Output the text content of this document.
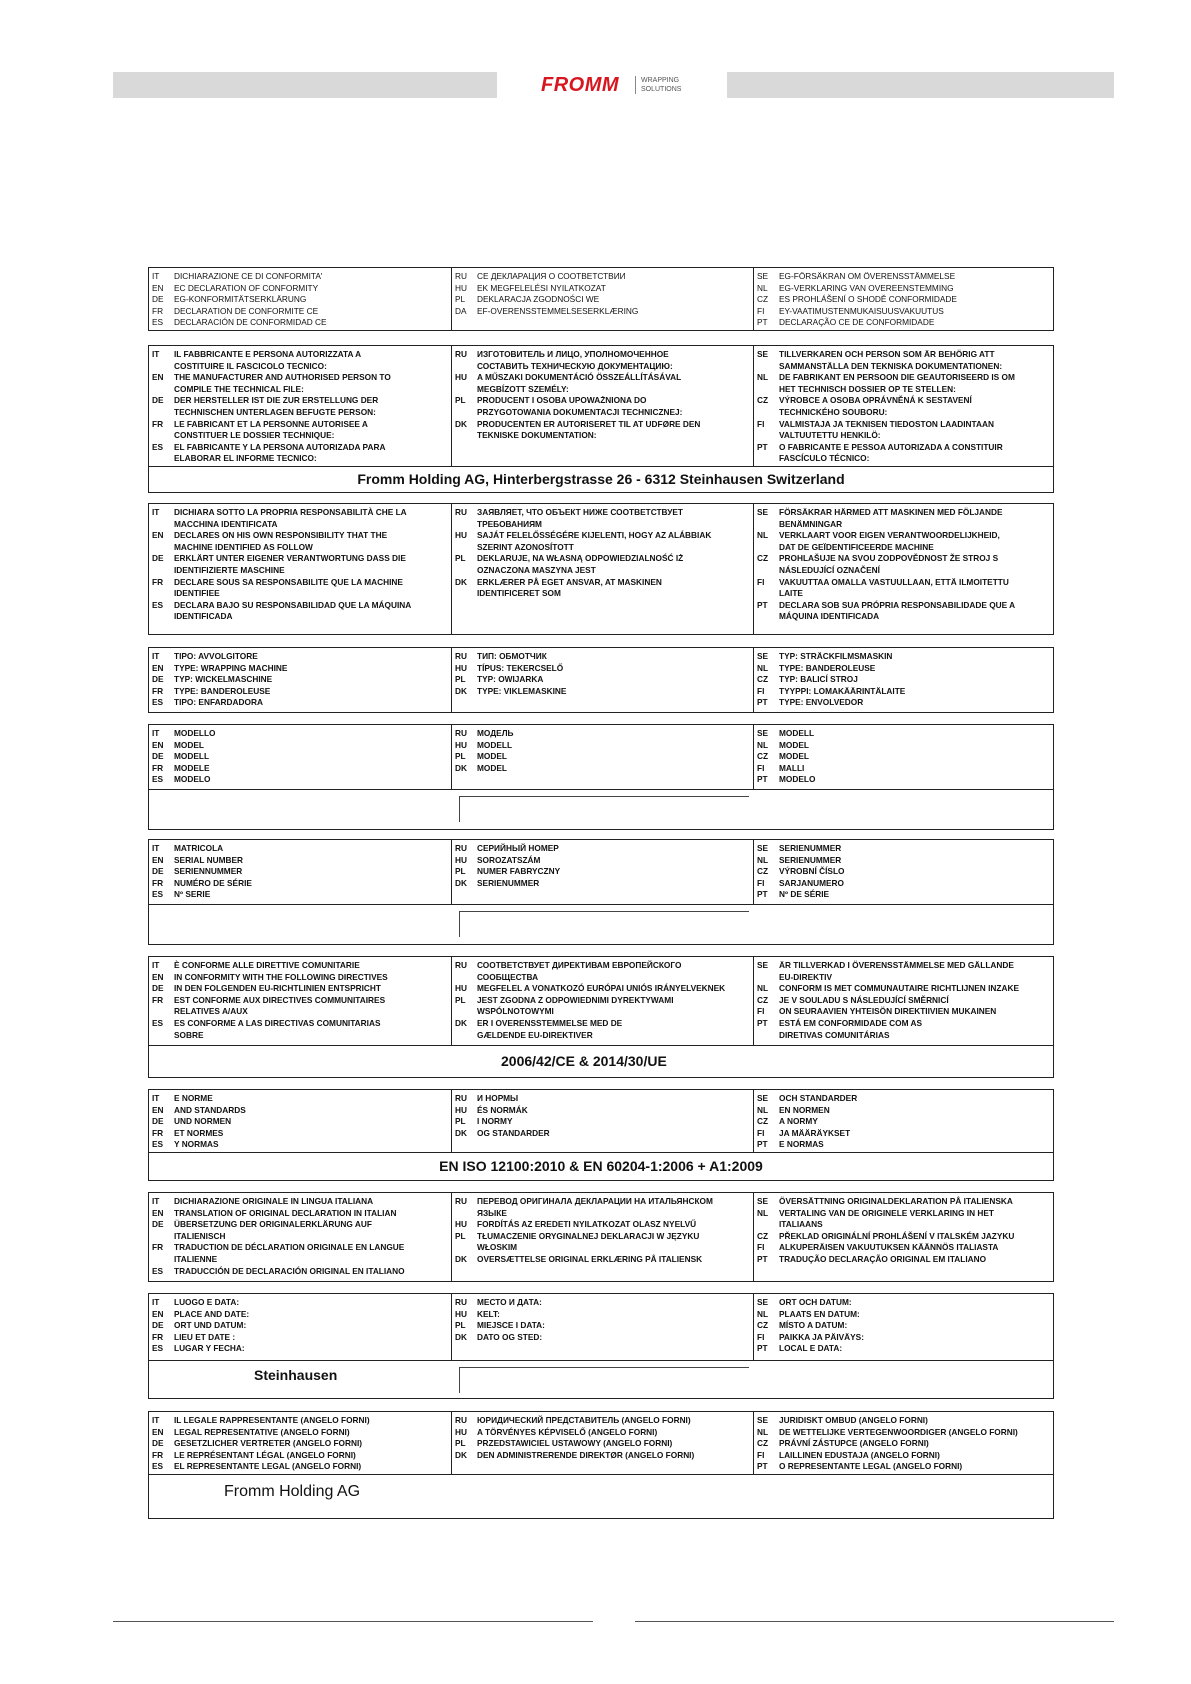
FROMM	WRAPPING
SOLUTIONS
IT	DICHIARAZIONE CE DI CONFORMITA'
EN	EC DECLARATION OF CONFORMITY
DE	EG-KONFORMITÄTSERKLÄRUNG
FR	DECLARATION DE CONFORMITE CE
ES	DECLARACIÓN DE CONFORMIDAD CE
RU	СЕ ДЕКЛАРАЦИЯ О СООТВЕТСТВИИ
HU	EK MEGFELELÉSI NYILATKOZAT
PL	DEKLARACJA ZGODNOŚCI WE
DA	EF-OVERENSSTEMMELSESERKLÆRING
SE	EG-FÖRSÄKRAN OM ÖVERENSSTÄMMELSE
NL	EG-VERKLARING VAN OVEREENSTEMMING
CZ	ES PROHLÁŠENÍ O SHODĚ CONFORMIDADE
FI	EY-VAATIMUSTENMUKAISUUSVAKUUTUS
PT	DECLARAÇÃO CE DE CONFORMIDADE
IT	IL FABBRICANTE E PERSONA AUTORIZZATA A
COSTITUIRE IL FASCICOLO TECNICO:
EN	THE MANUFACTURER AND AUTHORISED PERSON TO
COMPILE THE TECHNICAL FILE:
DE	DER HERSTELLER IST DIE ZUR ERSTELLUNG DER
TECHNISCHEN UNTERLAGEN BEFUGTE PERSON:
FR	LE FABRICANT ET LA PERSONNE AUTORISEE A
CONSTITUER LE DOSSIER TECHNIQUE:
ES	EL FABRICANTE Y LA PERSONA AUTORIZADA PARA
ELABORAR EL INFORME TECNICO:
RU	ИЗГОТОВИТЕЛЬ И ЛИЦО, УПОЛНОМОЧЕННОЕ
СОСТАВИТЬ ТЕХНИЧЕСКУЮ ДОКУМЕНТАЦИЮ:
HU	A MŰSZAKI DOKUMENTÁCIÓ ÖSSZEÁLLÍTÁSÁVAL
MEGBÍZOTT SZEMÉLY:
PL	PRODUCENT I OSOBA UPOWAŻNIONA DO
PRZYGOTOWANIA DOKUMENTACJI TECHNICZNEJ:
DK	PRODUCENTEN ER AUTORISERET TIL AT UDFØRE DEN
TEKNISKE DOKUMENTATION:
SE	TILLVERKAREN OCH PERSON SOM ÄR BEHÖRIG ATT
SAMMANSTÄLLA DEN TEKNISKA DOKUMENTATIONEN:
NL	DE FABRIKANT EN PERSOON DIE GEAUTORISEERD IS OM
HET TECHNISCH DOSSIER OP TE STELLEN:
CZ	VÝROBCE A OSOBA OPRÁVNĚNÁ K SESTAVENÍ
TECHNICKÉHO SOUBORU:
FI	VALMISTAJA JA TEKNISEN TIEDOSTON LAADINTAAN
VALTUUTETTU HENKILÖ:
PT	O FABRICANTE E PESSOA AUTORIZADA A CONSTITUIR
FASCÍCULO TÉCNICO:
Fromm Holding AG, Hinterbergstrasse 26 - 6312 Steinhausen Switzerland
IT	DICHIARA SOTTO LA PROPRIA RESPONSABILITÀ CHE LA
MACCHINA IDENTIFICATA
EN	DECLARES ON HIS OWN RESPONSIBILITY THAT THE
MACHINE IDENTIFIED AS FOLLOW
DE	ERKLÄRT UNTER EIGENER VERANTWORTUNG DASS DIE
IDENTIFIZIERTE MASCHINE
FR	DECLARE SOUS SA RESPONSABILITE QUE LA MACHINE
IDENTIFIEE
ES	DECLARA BAJO SU RESPONSABILIDAD QUE LA MÁQUINA
IDENTIFICADA
RU	ЗАЯВЛЯЕТ, ЧТО ОБЪЕКТ НИЖЕ СООТВЕТСТВУЕТ
ТРЕБОВАНИЯМ
HU	SAJÁT FELELŐSSÉGÉRE KIJELENTI, HOGY AZ ALÁBBIAK
SZERINT AZONOSÍTOTT
PL	DEKLARUJE, NA WŁASNĄ ODPOWIEDZIALNOŚĆ IŻ
OZNACZONA MASZYNA JEST
DK	ERKLÆRER PÅ EGET ANSVAR, AT MASKINEN
IDENTIFICERET SOM
SE	FÖRSÄKRAR HÄRMED ATT MASKINEN MED FÖLJANDE
BENÄMNINGAR
NL	VERKLAART VOOR EIGEN VERANTWOORDELIJKHEID,
DAT DE GEÏDENTIFICEERDE MACHINE
CZ	PROHLAŠUJE NA SVOU ZODPOVĚDNOST ŽE STROJ S
NÁSLEDUJÍCÍ OZNAČENÍ
FI	VAKUUTTAA OMALLA VASTUULLAAN, ETTÄ ILMOITETTU
LAITE
PT	DECLARA SOB SUA PRÓPRIA RESPONSABILIDADE QUE A
MÁQUINA IDENTIFICADA
IT	TIPO: AVVOLGITORE
EN	TYPE: WRAPPING MACHINE
DE	TYP: WICKELMASCHINE
FR	TYPE: BANDEROLEUSE
ES	TIPO: ENFARDADORA
RU	ТИП: ОБМОТЧИК
HU	TÍPUS: TEKERCSELŐ
PL	TYP: OWIJARKA
DK	TYPE: VIKLEMASKINE
SE	TYP: STRÄCKFILMSMASKIN
NL	TYPE: BANDEROLEUSE
CZ	TYP: BALICÍ STROJ
FI	TYYPPI: LOMAKÄÄRINTÄLAITE
PT	TYPE: ENVOLVEDOR
IT	MODELLO
EN	MODEL
DE	MODELL
FR	MODELE
ES	MODELO
RU	МОДЕЛЬ
HU	MODELL
PL	MODEL
DK	MODEL
SE	MODELL
NL	MODEL
CZ	MODEL
FI	MALLI
PT	MODELO
IT	MATRICOLA
EN	SERIAL NUMBER
DE	SERIENNUMMER
FR	NUMÉRO DE SÉRIE
ES	Nº SERIE
RU	СЕРИЙНЫЙ НОМЕР
HU	SOROZATSZÁM
PL	NUMER FABRYCZNY
DK	SERIENUMMER
SE	SERIENUMMER
NL	SERIENUMMER
CZ	VÝROBNÍ ČÍSLO
FI	SARJANUMERO
PT	Nº DE SÉRIE
IT	È CONFORME ALLE DIRETTIVE COMUNITARIE
EN	IN CONFORMITY WITH THE FOLLOWING DIRECTIVES
DE	IN DEN FOLGENDEN EU-RICHTLINIEN ENTSPRICHT
FR	EST CONFORME AUX DIRECTIVES COMMUNITAIRES
RELATIVES A/AUX
ES	ES CONFORME A LAS DIRECTIVAS COMUNITARIAS
SOBRE
RU	СООТВЕТСТВУЕТ ДИРЕКТИВАМ ЕВРОПЕЙСКОГО
СООБЩЕСТВА
HU	MEGFELEL A VONATKOZÓ EURÓPAI UNIÓS IRÁNYELVEKNEK
PL	JEST ZGODNA Z ODPOWIEDNIMI DYREKTYWAMI
WSPÓLNOTOWYMI
DK	ER I OVERENSSTEMMELSE MED DE
GÆLDENDE EU-DIREKTIVER
SE	ÄR TILLVERKAD I ÖVERENSSTÄMMELSE MED GÄLLANDE
EU-DIREKTIV
NL	CONFORM IS MET COMMUNAUTAIRE RICHTLIJNEN INZAKE
CZ	JE V SOULADU S NÁSLEDUJÍCÍ SMĚRNICÍ
FI	ON SEURAAVIEN YHTEISÖN DIREKTIIVIEN MUKAINEN
PT	ESTÁ EM CONFORMIDADE COM AS
DIRETIVAS COMUNITÁRIAS
2006/42/CE & 2014/30/UE
IT	E NORME
EN	AND STANDARDS
DE	UND NORMEN
FR	ET NORMES
ES	Y NORMAS
RU	И НОРМЫ
HU	ÉS NORMÁK
PL	I NORMY
DK	OG STANDARDER
SE	OCH STANDARDER
NL	EN NORMEN
CZ	A NORMY
FI	JA MÄÄRÄYKSET
PT	E NORMAS
EN ISO 12100:2010 & EN 60204-1:2006 + A1:2009
IT	DICHIARAZIONE ORIGINALE IN LINGUA ITALIANA
EN	TRANSLATION OF ORIGINAL DECLARATION IN ITALIAN
DE	ÜBERSETZUNG DER ORIGINALERKLÄRUNG AUF
ITALIENISCH
FR	TRADUCTION DE DÉCLARATION ORIGINALE EN LANGUE
ITALIENNE
ES	TRADUCCIÓN DE DECLARACIÓN ORIGINAL EN ITALIANO
RU	ПЕРЕВОД ОРИГИНАЛА ДЕКЛАРАЦИИ НА ИТАЛЬЯНСКОМ
ЯЗЫКЕ
HU	FORDÍTÁS AZ EREDETI NYILATKOZAT OLASZ NYELVŰ
PL	TŁUMACZENIE ORYGINALNEJ DEKLARACJI W JĘZYKU
WŁOSKIM
DK	OVERSÆTTELSE ORIGINAL ERKLÆRING PÅ ITALIENSK
SE	ÖVERSÄTTNING ORIGINALDEKLARATION PÅ ITALIENSKA
NL	VERTALING VAN DE ORIGINELE VERKLARING IN HET
ITALIAANS
CZ	PŘEKLAD ORIGINÁLNÍ PROHLÁŠENÍ V ITALSKÉM JAZYKU
FI	ALKUPERÄISEN VAKUUTUKSEN KÄÄNNÖS ITALIASTA
PT	TRADUÇÃO DECLARAÇÃO ORIGINAL EM ITALIANO
IT	LUOGO E DATA:
EN	PLACE AND DATE:
DE	ORT UND DATUM:
FR	LIEU ET DATE :
ES	LUGAR Y FECHA:
RU	МЕСТО И ДАТА:
HU	KELT:
PL	MIEJSCE I DATA:
DK	DATO OG STED:
SE	ORT OCH DATUM:
NL	PLAATS EN DATUM:
CZ	MÍSTO A DATUM:
FI	PAIKKA JA PÄIVÄYS:
PT	LOCAL E DATA:
Steinhausen
IT	IL LEGALE RAPPRESENTANTE (ANGELO FORNI)
EN	LEGAL REPRESENTATIVE (ANGELO FORNI)
DE	GESETZLICHER VERTRETER (ANGELO FORNI)
FR	LE REPRÉSENTANT LÉGAL (ANGELO FORNI)
ES	EL REPRESENTANTE LEGAL (ANGELO FORNI)
RU	ЮРИДИЧЕСКИЙ ПРЕДСТАВИТЕЛЬ (ANGELO FORNI)
HU	A TÖRVÉNYES KÉPVISELŐ (ANGELO FORNI)
PL	PRZEDSTAWICIEL USTAWOWY (ANGELO FORNI)
DK	DEN ADMINISTRERENDE DIREKTØR (ANGELO FORNI)
SE	JURIDISKT OMBUD (ANGELO FORNI)
NL	DE WETTELIJKE VERTEGENWOORDIGER (ANGELO FORNI)
CZ	PRÁVNÍ ZÁSTUPCE (ANGELO FORNI)
FI	LAILLINEN EDUSTAJA (ANGELO FORNI)
PT	O REPRESENTANTE LEGAL (ANGELO FORNI)
Fromm Holding AG
